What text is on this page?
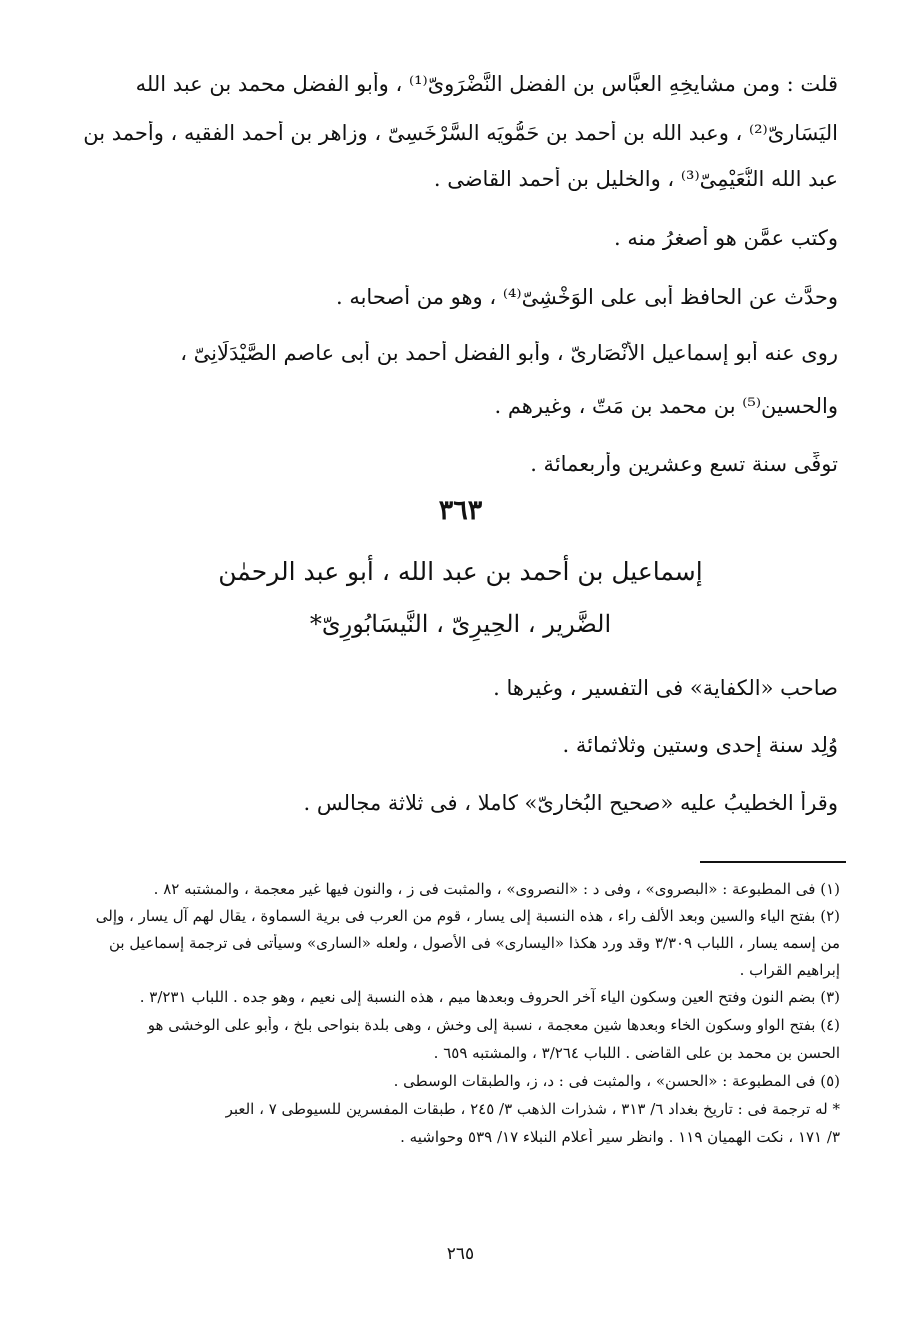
قلت : ومن مشايخِهِ العبَّاس بن الفضل النَّضْرَوِىّ⁽¹⁾ ، وأبو الفضل محمد بن عبد الله

اليَسَارِىّ⁽²⁾ ، وعبد الله بن أحمد بن حَمُّويَه السَّرْخَسِىّ ، وزاهر بن أحمد الفقيه ، وأحمد بن

عبد الله النُّعَيْمِىّ⁽³⁾ ، والخليل بن أحمد القاضى .

وكتب عمَّن هو أصغرُ منه .

وحدَّث عن الحافظ أبى على الوَخْشِىّ⁽⁴⁾ ، وهو من أصحابه .

روى عنه أبو إسماعيل الأنْصَارِىّ ، وأبو الفضل أحمد بن أبى عاصم الصَّيْدَلَانِىّ ،

والحسين⁽⁵⁾ بن محمد بن مَتّ ، وغيرهم .

توفِّى سنة تسع وعشرين وأربعمائة .

٣٦٣

إسماعيل بن أحمد بن عبد الله ، أبو عبد الرحمٰن

الضَّرير ، الحِيرِىّ ، النَّيسَابُورِىّ*

صاحب «الكفاية» فى التفسير ، وغيرها .

وُلِد سنة إحدى وستين وثلاثمائة .

وقرأ الخطيبُ عليه «صحيح البُخارِىّ» كاملا ، فى ثلاثة مجالس .

(١) فى المطبوعة : «البصروى» ، وفى د : «النصروى» ، والمثبت فى ز ، والنون فيها غير معجمة ، والمشتبه ٨٢ .

(٢) بفتح الياء والسين وبعد الألف راء ، هذه النسبة إلى يسار ، قوم من العرب فى برية السماوة ، يقال لهم آل يسار ، وإلى

من إسمه يسار ، اللباب ٣/٣٠٩ وقد ورد هكذا «اليسارى» فى الأصول ، ولعله «السارى» وسيأتى فى ترجمة إسماعيل بن

إبراهيم القراب .

(٣) بضم النون وفتح العين وسكون الياء آخر الحروف وبعدها ميم ، هذه النسبة إلى نعيم ، وهو جده . اللباب ٣/٢٣١ .

(٤) بفتح الواو وسكون الخاء وبعدها شين معجمة ، نسبة إلى وخش ، وهى بلدة بنواحى بلخ ، وأبو على الوخشى هو

الحسن بن محمد بن على القاضى . اللباب ٣/٢٦٤ ، والمشتبه ٦٥٩ .

(٥) فى المطبوعة : «الحسن» ، والمثبت فى : د، ز، والطبقات الوسطى .

* له ترجمة فى : تاريخ بغداد ٦/ ٣١٣ ، شذرات الذهب ٣/ ٢٤٥ ، طبقات المفسرين للسيوطى ٧ ، العبر

٣/ ١٧١ ، نكت الهميان ١١٩ . وانظر سير أعلام النبلاء ١٧/ ٥٣٩ وحواشيه .

٢٦٥
